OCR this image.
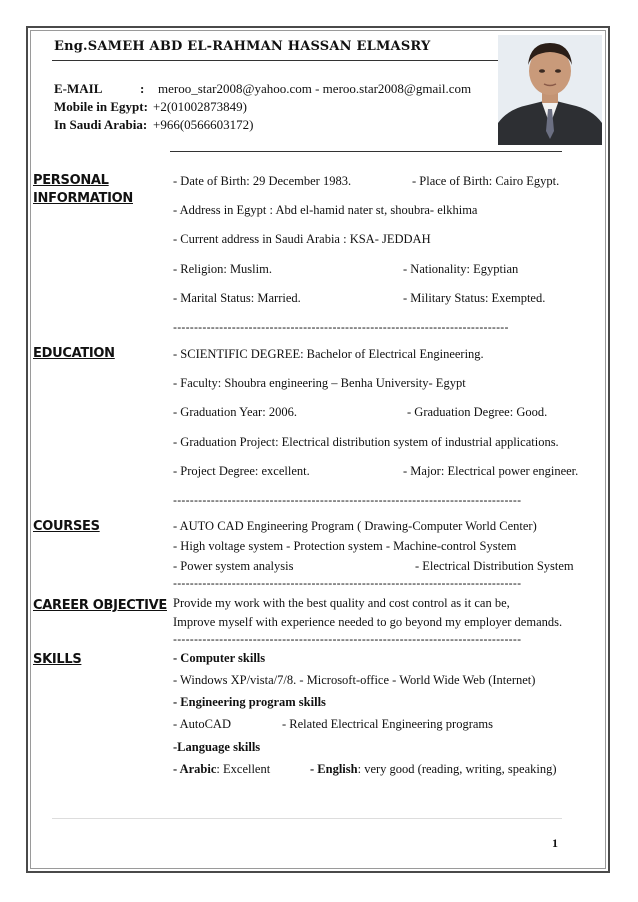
Eng.SAMEH ABD EL-RAHMAN HASSAN ELMASRY
E-MAIL	: meroo_star2008@yahoo.com - meroo.star2008@gmail.com
Mobile in Egypt: +2(01002873849)
In Saudi Arabia: +966(0566603172)
PERSONAL
INFORMATION
- Date of Birth: 29 December 1983.	- Place of Birth: Cairo Egypt.
- Address in Egypt : Abd el-hamid nater st, shoubra- elkhima
- Current address in Saudi Arabia : KSA- JEDDAH
- Religion: Muslim.	- Nationality: Egyptian
- Marital Status: Married.	- Military Status: Exempted.
--------------------------------------------------------------------------------
EDUCATION	- SCIENTIFIC DEGREE: Bachelor of Electrical Engineering.
- Faculty: Shoubra engineering – Benha University- Egypt
- Graduation Year: 2006.	- Graduation Degree: Good.
- Graduation Project: Electrical distribution system of industrial applications.
- Project Degree: excellent.	- Major: Electrical power engineer.
-----------------------------------------------------------------------------------
COURSES	- AUTO CAD Engineering Program ( Drawing-Computer World Center)
- High voltage system - Protection system - Machine-control System
- Power system analysis	- Electrical Distribution System
-----------------------------------------------------------------------------------
CAREER OBJECTIVE Provide my work with the best quality and cost control as it can be,
Improve myself with experience needed to go beyond my employer demands.
-----------------------------------------------------------------------------------
SKILLS	- Computer skills
- Windows XP/vista/7/8. - Microsoft-office - World Wide Web (Internet)
- Engineering program skills
- AutoCAD	- Related Electrical Engineering programs
-Language skills
- Arabic: Excellent	- English: very good (reading, writing, speaking)
1
